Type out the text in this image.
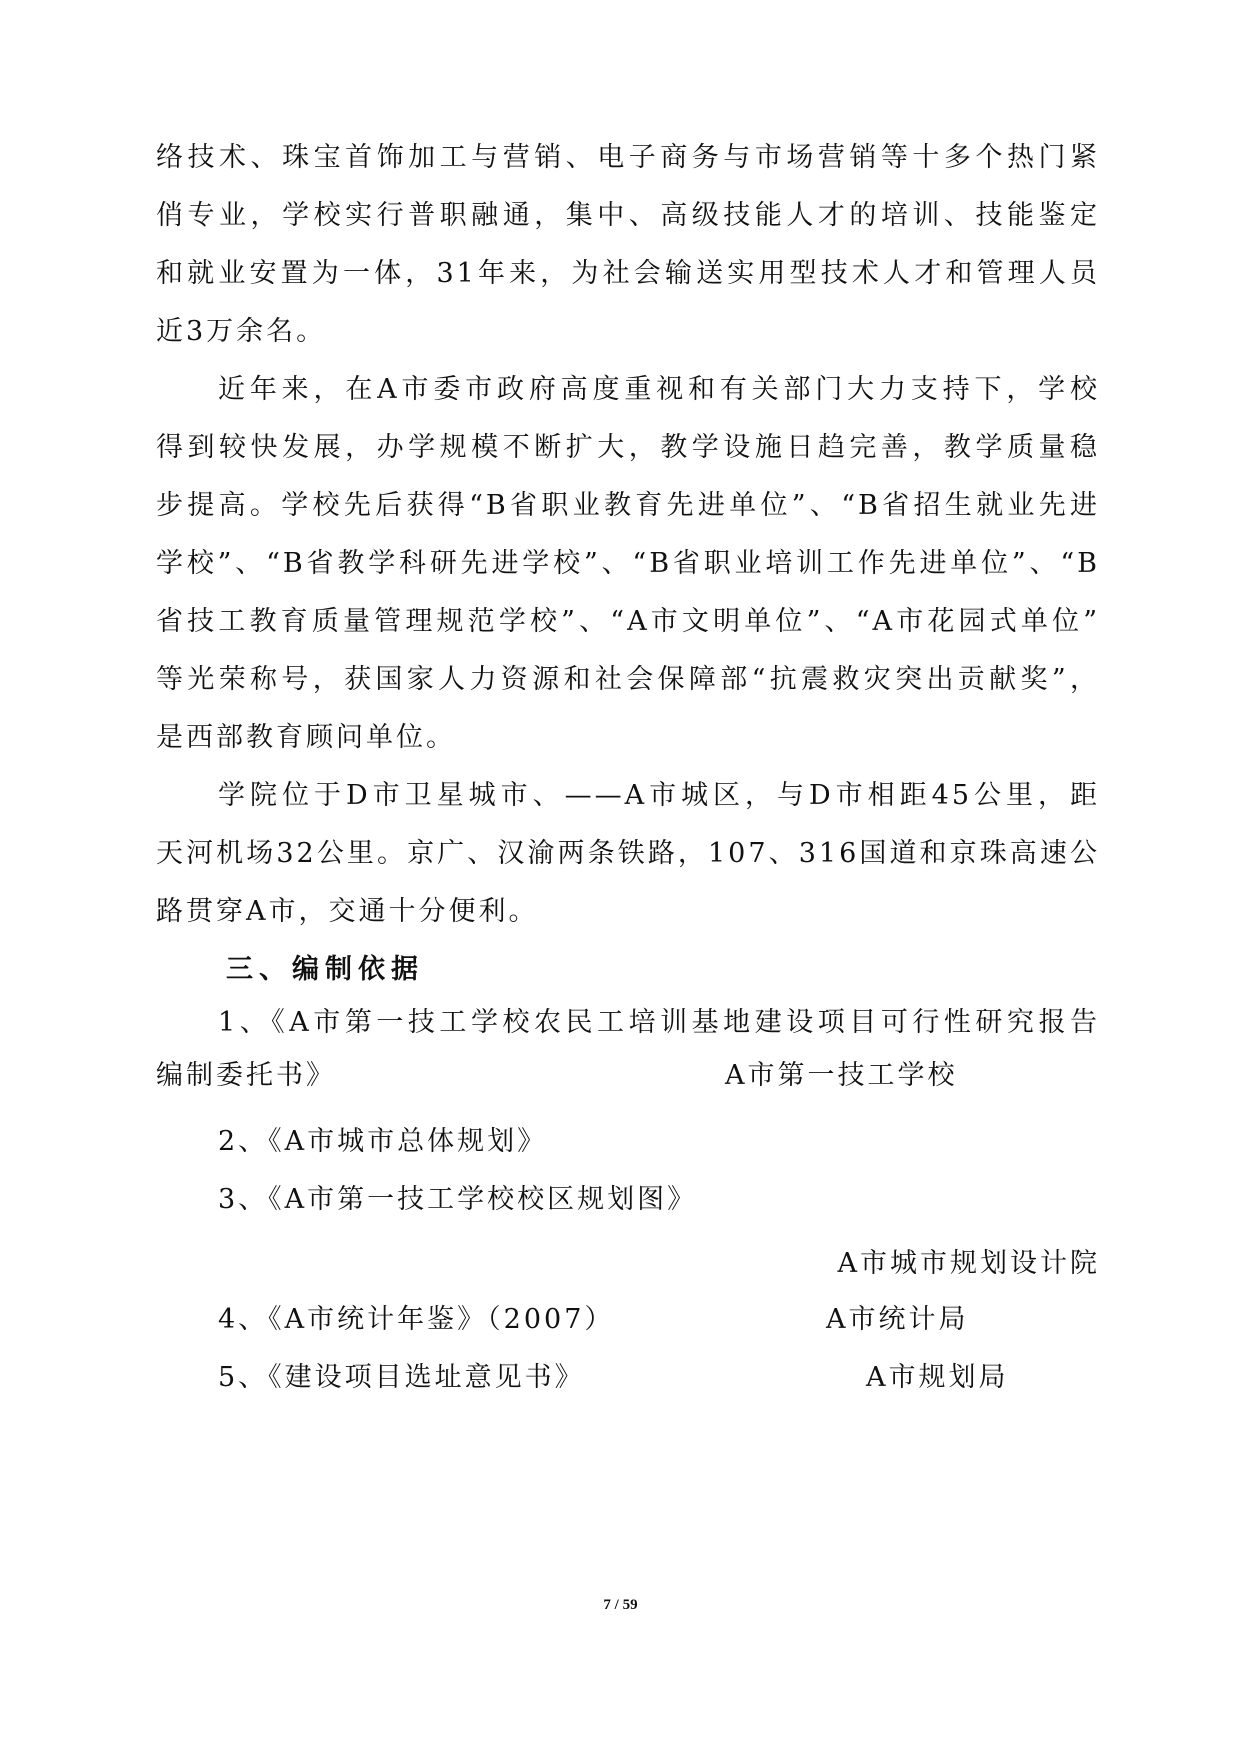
络技术、珠宝首饰加工与营销、电子商务与市场营销等十多个热门紧
俏专业，学校实行普职融通，集中、高级技能人才的培训、技能鉴定
和就业安置为一体，31年来，为社会输送实用型技术人才和管理人员
近3万余名。
近年来，在A市委市政府高度重视和有关部门大力支持下，学校
得到较快发展，办学规模不断扩大，教学设施日趋完善，教学质量稳
步提高。学校先后获得“B省职业教育先进单位”、“B省招生就业先进
学校”、“B省教学科研先进学校”、“B省职业培训工作先进单位”、“B
省技工教育质量管理规范学校”、“A市文明单位”、“A市花园式单位”
等光荣称号，获国家人力资源和社会保障部“抗震救灾突出贡献奖”，
是西部教育顾问单位。
学院位于D市卫星城市、——A市城区，与D市相距45公里，距
天河机场32公里。京广、汉渝两条铁路，107、316国道和京珠高速公
路贯穿A市，交通十分便利。
三、编制依据
1、《A市第一技工学校农民工培训基地建设项目可行性研究报告
编制委托书》	A市第一技工学校
2、《A市城市总体规划》
3、《A市第一技工学校校区规划图》
A市城市规划设计院
4、《A市统计年鉴》（2007）	A市统计局
5、《建设项目选址意见书》	A市规划局
7 / 59
